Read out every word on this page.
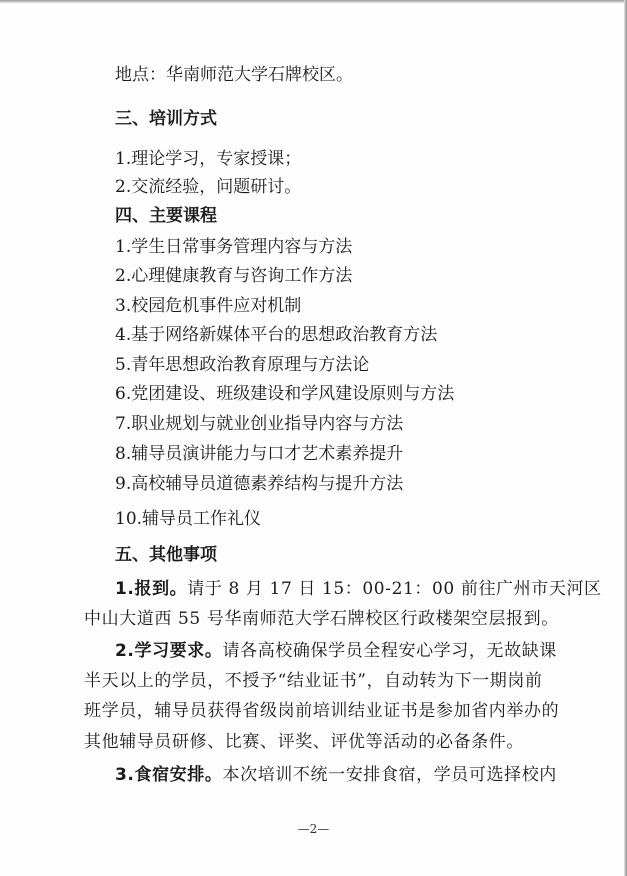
地点：华南师范大学石牌校区。
三、培训方式
1.理论学习，专家授课；
2.交流经验，问题研讨。
四、主要课程
1.学生日常事务管理内容与方法
2.心理健康教育与咨询工作方法
3.校园危机事件应对机制
4.基于网络新媒体平台的思想政治教育方法
5.青年思想政治教育原理与方法论
6.党团建设、班级建设和学风建设原则与方法
7.职业规划与就业创业指导内容与方法
8.辅导员演讲能力与口才艺术素养提升
9.高校辅导员道德素养结构与提升方法
10.辅导员工作礼仪
五、其他事项
1.报到。请于 8 月 17 日 15：00-21：00 前往广州市天河区
中山大道西 55 号华南师范大学石牌校区行政楼架空层报到。
2.学习要求。请各高校确保学员全程安心学习，无故缺课
半天以上的学员，不授予“结业证书”，自动转为下一期岗前
班学员，辅导员获得省级岗前培训结业证书是参加省内举办的
其他辅导员研修、比赛、评奖、评优等活动的必备条件。
3.食宿安排。本次培训不统一安排食宿，学员可选择校内
—2—
